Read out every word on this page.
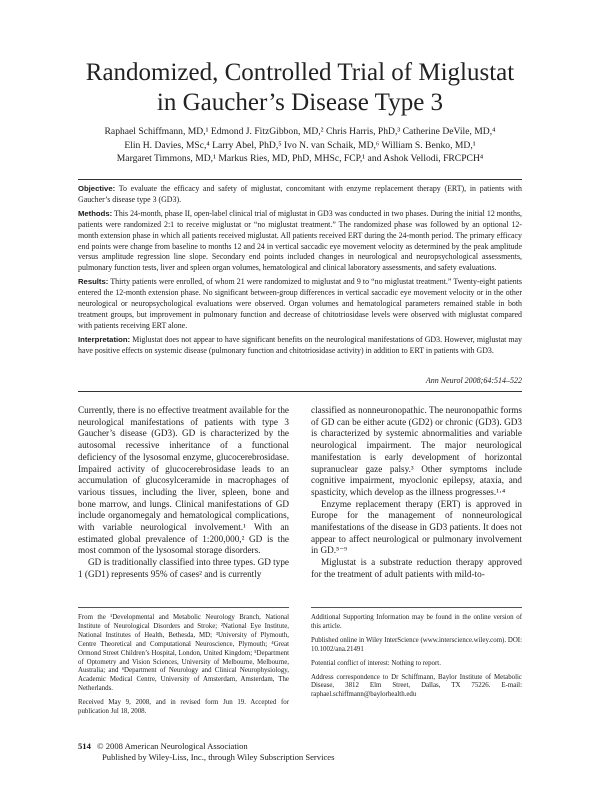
Randomized, Controlled Trial of Miglustat
in Gaucher’s Disease Type 3
Raphael Schiffmann, MD,¹ Edmond J. FitzGibbon, MD,² Chris Harris, PhD,³ Catherine DeVile, MD,⁴
Elin H. Davies, MSc,⁴ Larry Abel, PhD,⁵ Ivo N. van Schaik, MD,⁶ William S. Benko, MD,¹
Margaret Timmons, MD,¹ Markus Ries, MD, PhD, MHSc, FCP,¹ and Ashok Vellodi, FRCPCH⁴

Objective: To evaluate the efficacy and safety of miglustat, concomitant with enzyme replacement therapy (ERT), in patients with Gaucher’s disease type 3 (GD3).

Methods: This 24-month, phase II, open-label clinical trial of miglustat in GD3 was conducted in two phases. During the initial 12 months, patients were randomized 2:1 to receive miglustat or “no miglustat treatment.” The randomized phase was followed by an optional 12-month extension phase in which all patients received miglustat. All patients received ERT during the 24-month period. The primary efficacy end points were change from baseline to months 12 and 24 in vertical saccadic eye movement velocity as determined by the peak amplitude versus amplitude regression line slope. Secondary end points included changes in neurological and neuropsychological assessments, pulmonary function tests, liver and spleen organ volumes, hematological and clinical laboratory assessments, and safety evaluations.

Results: Thirty patients were enrolled, of whom 21 were randomized to miglustat and 9 to “no miglustat treatment.” Twenty-eight patients entered the 12-month extension phase. No significant between-group differences in vertical saccadic eye movement velocity or in the other neurological or neuropsychological evaluations were observed. Organ volumes and hematological parameters remained stable in both treatment groups, but improvement in pulmonary function and decrease of chitotriosidase levels were observed with miglustat compared with patients receiving ERT alone.

Interpretation: Miglustat does not appear to have significant benefits on the neurological manifestations of GD3. However, miglustat may have positive effects on systemic disease (pulmonary function and chitotriosidase activity) in addition to ERT in patients with GD3.

Ann Neurol 2008;64:514–522

Currently, there is no effective treatment available for the neurological manifestations of patients with type 3 Gaucher’s disease (GD3). GD is characterized by the autosomal recessive inheritance of a functional deficiency of the lysosomal enzyme, glucocerebrosidase. Impaired activity of glucocerebrosidase leads to an accumulation of glucosylceramide in macrophages of various tissues, including the liver, spleen, bone and bone marrow, and lungs. Clinical manifestations of GD include organomegaly and hematological complications, with variable neurological involvement.¹ With an estimated global prevalence of 1:200,000,² GD is the most common of the lysosomal storage disorders.

GD is traditionally classified into three types. GD type 1 (GD1) represents 95% of cases² and is currently

classified as nonneuronopathic. The neuronopathic forms of GD can be either acute (GD2) or chronic (GD3). GD3 is characterized by systemic abnormalities and variable neurological impairment. The major neurological manifestation is early development of horizontal supranuclear gaze palsy.³ Other symptoms include cognitive impairment, myoclonic epilepsy, ataxia, and spasticity, which develop as the illness progresses.¹·⁴

Enzyme replacement therapy (ERT) is approved in Europe for the management of nonneurological manifestations of the disease in GD3 patients. It does not appear to affect neurological or pulmonary involvement in GD.⁵⁻⁹

Miglustat is a substrate reduction therapy approved for the treatment of adult patients with mild-to-

From the ¹Developmental and Metabolic Neurology Branch, National Institute of Neurological Disorders and Stroke; ²National Eye Institute, National Institutes of Health, Bethesda, MD; ³University of Plymouth, Centre Theoretical and Computational Neuroscience, Plymouth; ⁴Great Ormond Street Children’s Hospital, London, United Kingdom; ⁵Department of Optometry and Vision Sciences, University of Melbourne, Melbourne, Australia; and ⁶Department of Neurology and Clinical Neurophysiology, Academic Medical Centre, University of Amsterdam, Amsterdam, The Netherlands.

Received May 9, 2008, and in revised form Jun 19. Accepted for publication Jul 18, 2008.

Additional Supporting Information may be found in the online version of this article.

Published online in Wiley InterScience (www.interscience.wiley.com). DOI: 10.1002/ana.21491

Potential conflict of interest: Nothing to report.

Address correspondence to Dr Schiffmann, Baylor Institute of Metabolic Disease, 3812 Elm Street, Dallas, TX 75226. E-mail: raphael.schiffmann@baylorhealth.edu

514 © 2008 American Neurological Association
Published by Wiley-Liss, Inc., through Wiley Subscription Services
